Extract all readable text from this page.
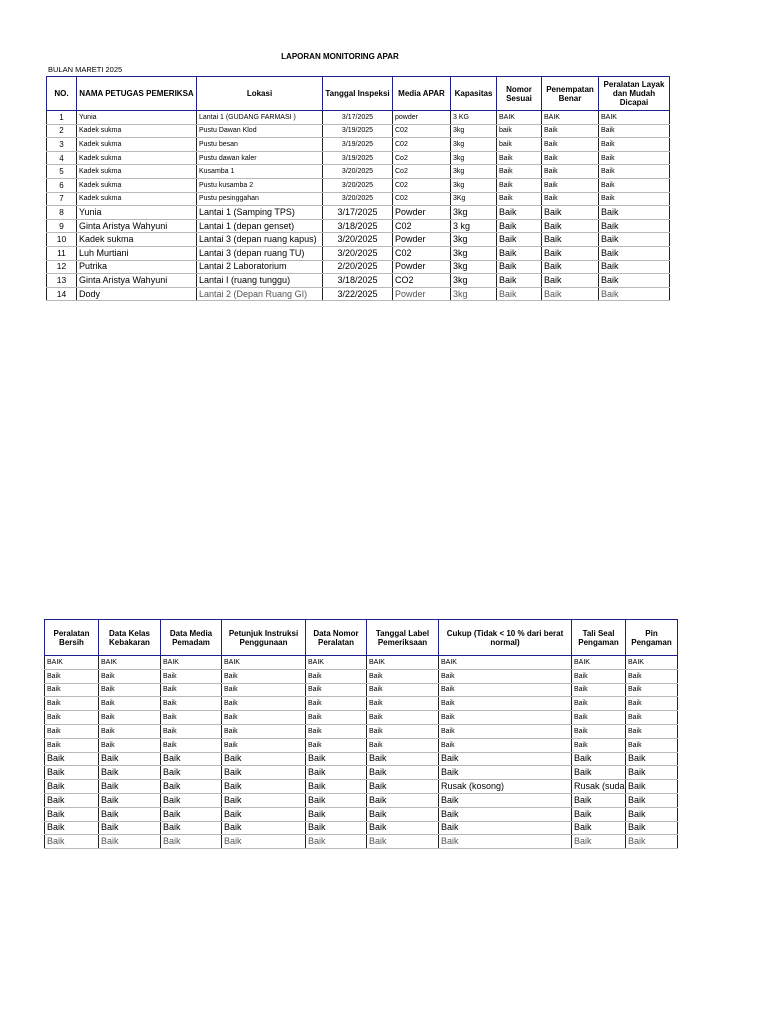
LAPORAN MONITORING APAR
BULAN MARETI 2025
NO.	NAMA PETUGAS PEMERIKSA	Lokasi	Tanggal Inspeksi	Media APAR	Kapasitas	Nomor Sesuai	Penempatan Benar	Peralatan Layak dan Mudah Dicapai
1	Yunia	Lantai 1 (GUDANG FARMASI )	3/17/2025	powder	3 KG	BAIK	BAIK	BAIK
2	Kadek sukma	Pustu Dawan Klod	3/19/2025	C02	3kg	baik	Baik	Baik
3	Kadek sukma	Pustu besan	3/19/2025	C02	3kg	baik	Baik	Baik
4	Kadek sukma	Pustu dawan kaler	3/19/2025	Co2	3kg	Baik	Baik	Baik
5	Kadek sukma	Kusamba 1	3/20/2025	Co2	3kg	Baik	Baik	Baik
6	Kadek sukma	Pustu kusamba 2	3/20/2025	C02	3kg	Baik	Baik	Baik
7	Kadek sukma	Pustu pesinggahan	3/20/2025	C02	3Kg	Baik	Baik	Baik
8	Yunia	Lantai 1 (Samping TPS)	3/17/2025	Powder	3kg	Baik	Baik	Baik
9	Ginta Aristya Wahyuni	Lantai 1 (depan genset)	3/18/2025	C02	3 kg	Baik	Baik	Baik
10	Kadek sukma	Lantai 3 (depan ruang kapus)	3/20/2025	Powder	3kg	Baik	Baik	Baik
11	Luh Murtiani	Lantai 3 (depan ruang TU)	3/20/2025	C02	3kg	Baik	Baik	Baik
12	Putrika	Lantai 2 Laboratorium	2/20/2025	Powder	3kg	Baik	Baik	Baik
13	Ginta Aristya Wahyuni	Lantai I (ruang tunggu)	3/18/2025	CO2	3kg	Baik	Baik	Baik
14	Dody	Lantai 2 (Depan Ruang GI)	3/22/2025	Powder	3kg	Baik	Baik	Baik
Peralatan Bersih	Data Kelas Kebakaran	Data Media Pemadam	Petunjuk Instruksi Penggunaan	Data Nomor Peralatan	Tanggal Label Pemeriksaan	Cukup (Tidak < 10 % dari berat normal)	Tali Seal Pengaman	Pin Pengaman
BAIK	BAIK	BAIK	BAIK	BAIK	BAIK	BAIK	BAIK	BAIK
Baik	Baik	Baik	Baik	Baik	Baik	Baik	Baik	Baik
Baik	Baik	Baik	Baik	Baik	Baik	Baik	Baik	Baik
Baik	Baik	Baik	Baik	Baik	Baik	Baik	Baik	Baik
Baik	Baik	Baik	Baik	Baik	Baik	Baik	Baik	Baik
Baik	Baik	Baik	Baik	Baik	Baik	Baik	Baik	Baik
Baik	Baik	Baik	Baik	Baik	Baik	Baik	Baik	Baik
Baik	Baik	Baik	Baik	Baik	Baik	Baik	Baik	Baik
Baik	Baik	Baik	Baik	Baik	Baik	Baik	Baik	Baik
Baik	Baik	Baik	Baik	Baik	Baik	Rusak (kosong)	Rusak (suda	Baik
Baik	Baik	Baik	Baik	Baik	Baik	Baik	Baik	Baik
Baik	Baik	Baik	Baik	Baik	Baik	Baik	Baik	Baik
Baik	Baik	Baik	Baik	Baik	Baik	Baik	Baik	Baik
Baik	Baik	Baik	Baik	Baik	Baik	Baik	Baik	Baik
